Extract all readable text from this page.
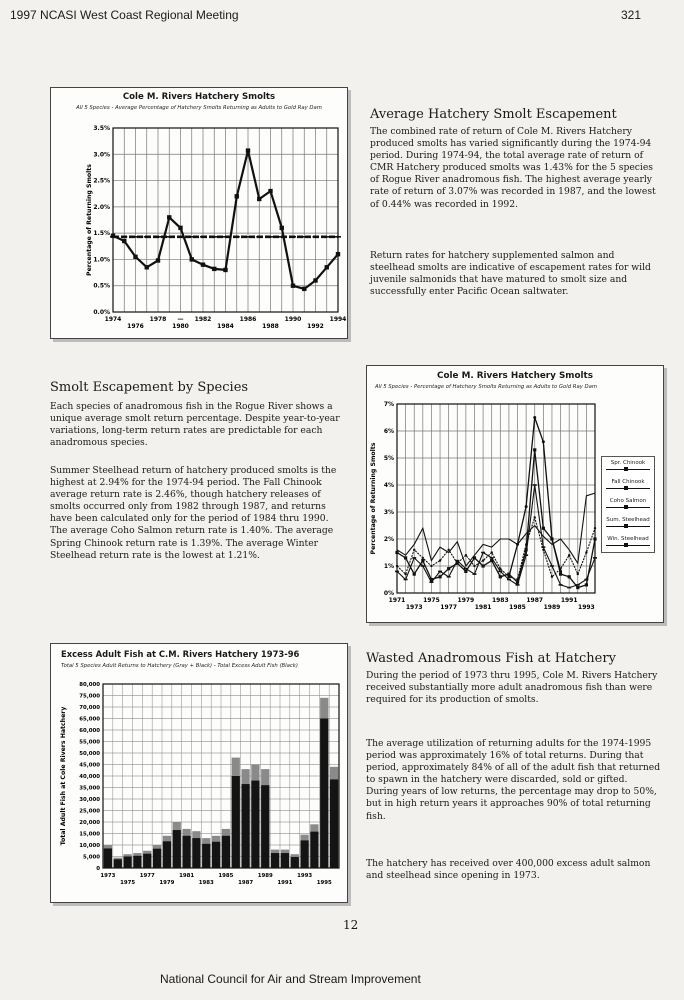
1997 NCASI West Coast Regional Meeting	321
Cole M. Rivers Hatchery Smolts
All 5 Species - Average Percentage of Hatchery Smolts Returning as Adults to Gold Ray Dam
0.0%
0.5%
1.0%
1.5%
2.0%
2.5%
3.0%
3.5%
1974	1978 — 1982	1986	1990	1994
1976	1980	1984	1988	1992
Percentage of Returning Smolts
Average Hatchery Smolt Escapement

The combined rate of return of Cole M. Rivers Hatchery produced smolts has varied significantly during the 1974-94 period. During 1974-94, the total average rate of return of CMR Hatchery produced smolts was 1.43% for the 5 species of Rogue River anadromous fish. The highest average yearly rate of return of 3.07% was recorded in 1987, and the lowest of 0.44% was recorded in 1992.

Return rates for hatchery supplemented salmon and steelhead smolts are indicative of escapement rates for wild juvenile salmonids that have matured to smolt size and successfully enter Pacific Ocean saltwater.

Cole M. Rivers Hatchery Smolts
All 5 Species - Percentage of Hatchery Smolts Returning as Adults to Gold Ray Dam
0%
1%
2%
3%
4%
5%
6%
7%
1971	1975	1979	1983	1987	1991
1973	1977	1981	1985	1989	1993
Percentage of Returning Smolts	Spr. Chinook
Fall Chinook
Coho Salmon
Sum. Steelhead
Win. Steelhead
Smolt Escapement by Species

Each species of anadromous fish in the Rogue River shows a unique average smolt return percentage. Despite year-to-year variations, long-term return rates are predictable for each anadromous species.

Summer Steelhead return of hatchery produced smolts is the highest at 2.94% for the 1974-94 period. The Fall Chinook average return rate is 2.46%, though hatchery releases of smolts occurred only from 1982 through 1987, and returns have been calculated only for the period of 1984 thru 1990. The average Coho Salmon return rate is 1.40%. The average Spring Chinook return rate is 1.39%. The average Winter Steelhead return rate is the lowest at 1.21%.

Excess Adult Fish at C.M. Rivers Hatchery 1973-96
Total 5 Species Adult Returns to Hatchery (Gray + Black) - Total Excess Adult Fish (Black)
0
5,000
10,000
15,000
20,000
25,000
30,000
35,000
40,000
45,000
50,000
55,000
60,000
65,000
70,000
75,000
80,000
1973	1977	1981	1985	1989	1993
1975	1979	1983	1987	1991	1995
Total Adult Fish at Cole Rivers Hatchery
Wasted Anadromous Fish at Hatchery

During the period of 1973 thru 1995, Cole M. Rivers Hatchery received substantially more adult anadromous fish than were required for its production of smolts.

The average utilization of returning adults for the 1974-1995 period was approximately 16% of total returns. During that period, approximately 84% of all of the adult fish that returned to spawn in the hatchery were discarded, sold or gifted. During years of low returns, the percentage may drop to 50%, but in high return years it approaches 90% of total returning fish.

The hatchery has received over 400,000 excess adult salmon and steelhead since opening in 1973.

12
National Council for Air and Stream Improvement
